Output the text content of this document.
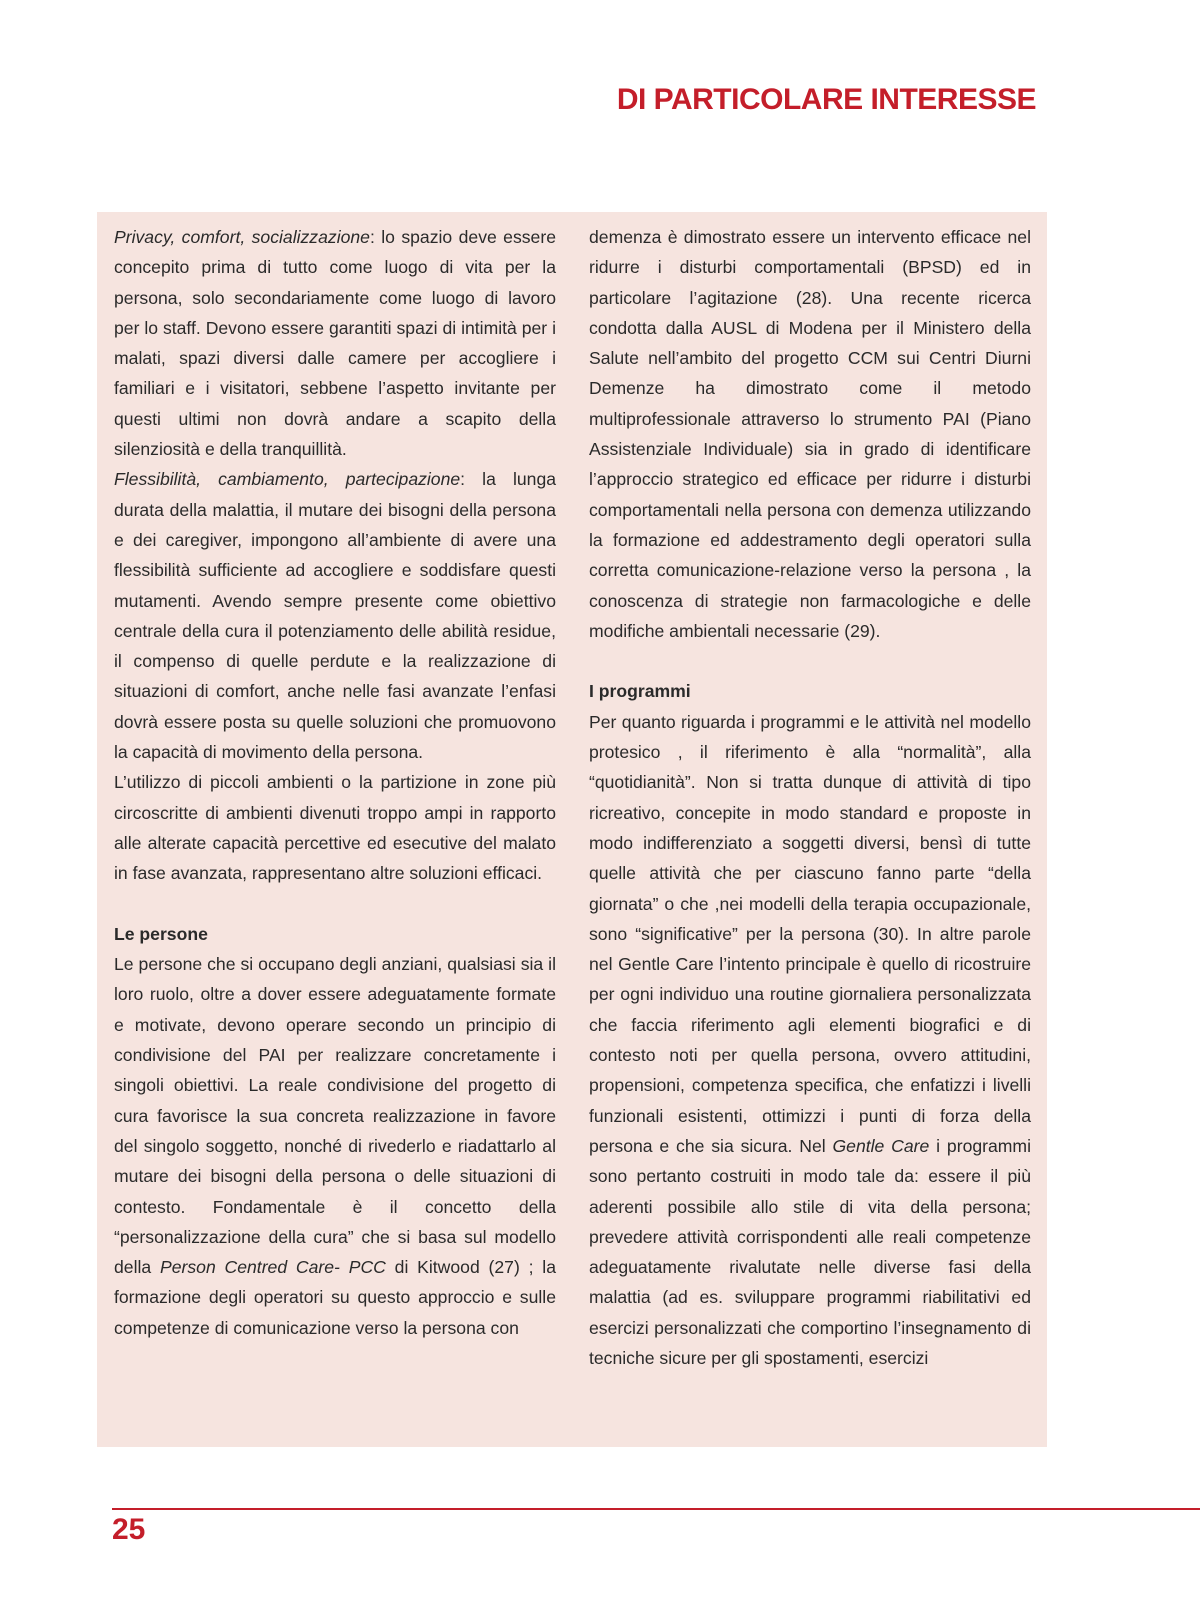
DI PARTICOLARE INTERESSE

Privacy, comfort, socializzazione: lo spazio deve essere concepito prima di tutto come luogo di vita per la persona, solo secondariamente come luogo di lavoro per lo staff. Devono essere garantiti spazi di intimità per i malati, spazi diversi dalle camere per accogliere i familiari e i visitatori, sebbene l’aspetto invitante per questi ultimi non dovrà andare a scapito della silenziosità e della tranquillità.

Flessibilità, cambiamento, partecipazione: la lunga durata della malattia, il mutare dei bisogni della persona e dei caregiver, impongono all’ambiente di avere una flessibilità sufficiente ad accogliere e soddisfare questi mutamenti. Avendo sempre presente come obiettivo centrale della cura il potenziamento delle abilità residue, il compenso di quelle perdute e la realizzazione di situazioni di comfort, anche nelle fasi avanzate l’enfasi dovrà essere posta su quelle soluzioni che promuovono la capacità di movimento della persona.

L’utilizzo di piccoli ambienti o la partizione in zone più circoscritte di ambienti divenuti troppo ampi in rapporto alle alterate capacità percettive ed esecutive del malato in fase avanzata, rappresentano altre soluzioni efficaci.

Le persone

Le persone che si occupano degli anziani, qualsiasi sia il loro ruolo, oltre a dover essere adeguatamente formate e motivate, devono operare secondo un principio di condivisione del PAI per realizzare concretamente i singoli obiettivi. La reale condivisione del progetto di cura favorisce la sua concreta realizzazione in favore del singolo soggetto, nonché di rivederlo e riadattarlo al mutare dei bisogni della persona o delle situazioni di contesto. Fondamentale è il concetto della “personalizzazione della cura” che si basa sul modello della Person Centred Care- PCC di Kitwood (27) ; la formazione degli operatori su questo approccio e sulle competenze di comunicazione verso la persona con

demenza è dimostrato essere un intervento efficace nel ridurre i disturbi comportamentali (BPSD) ed in particolare l’agitazione (28). Una recente ricerca condotta dalla AUSL di Modena per il Ministero della Salute nell’ambito del progetto CCM sui Centri Diurni Demenze ha dimostrato come il metodo multiprofessionale attraverso lo strumento PAI (Piano Assistenziale Individuale) sia in grado di identificare l’approccio strategico ed efficace per ridurre i disturbi comportamentali nella persona con demenza utilizzando la formazione ed addestramento degli operatori sulla corretta comunicazione-relazione verso la persona , la conoscenza di strategie non farmacologiche e delle modifiche ambientali necessarie (29).

I programmi

Per quanto riguarda i programmi e le attività nel modello protesico , il riferimento è alla “normalità”, alla “quotidianità”. Non si tratta dunque di attività di tipo ricreativo, concepite in modo standard e proposte in modo indifferenziato a soggetti diversi, bensì di tutte quelle attività che per ciascuno fanno parte “della giornata” o che ,nei modelli della terapia occupazionale, sono “significative” per la persona (30). In altre parole nel Gentle Care l’intento principale è quello di ricostruire per ogni individuo una routine giornaliera personalizzata che faccia riferimento agli elementi biografici e di contesto noti per quella persona, ovvero attitudini, propensioni, competenza specifica, che enfatizzi i livelli funzionali esistenti, ottimizzi i punti di forza della persona e che sia sicura. Nel Gentle Care i programmi sono pertanto costruiti in modo tale da: essere il più aderenti possibile allo stile di vita della persona; prevedere attività corrispondenti alle reali competenze adeguatamente rivalutate nelle diverse fasi della malattia (ad es. sviluppare programmi riabilitativi ed esercizi personalizzati che comportino l’insegnamento di tecniche sicure per gli spostamenti, esercizi

25
